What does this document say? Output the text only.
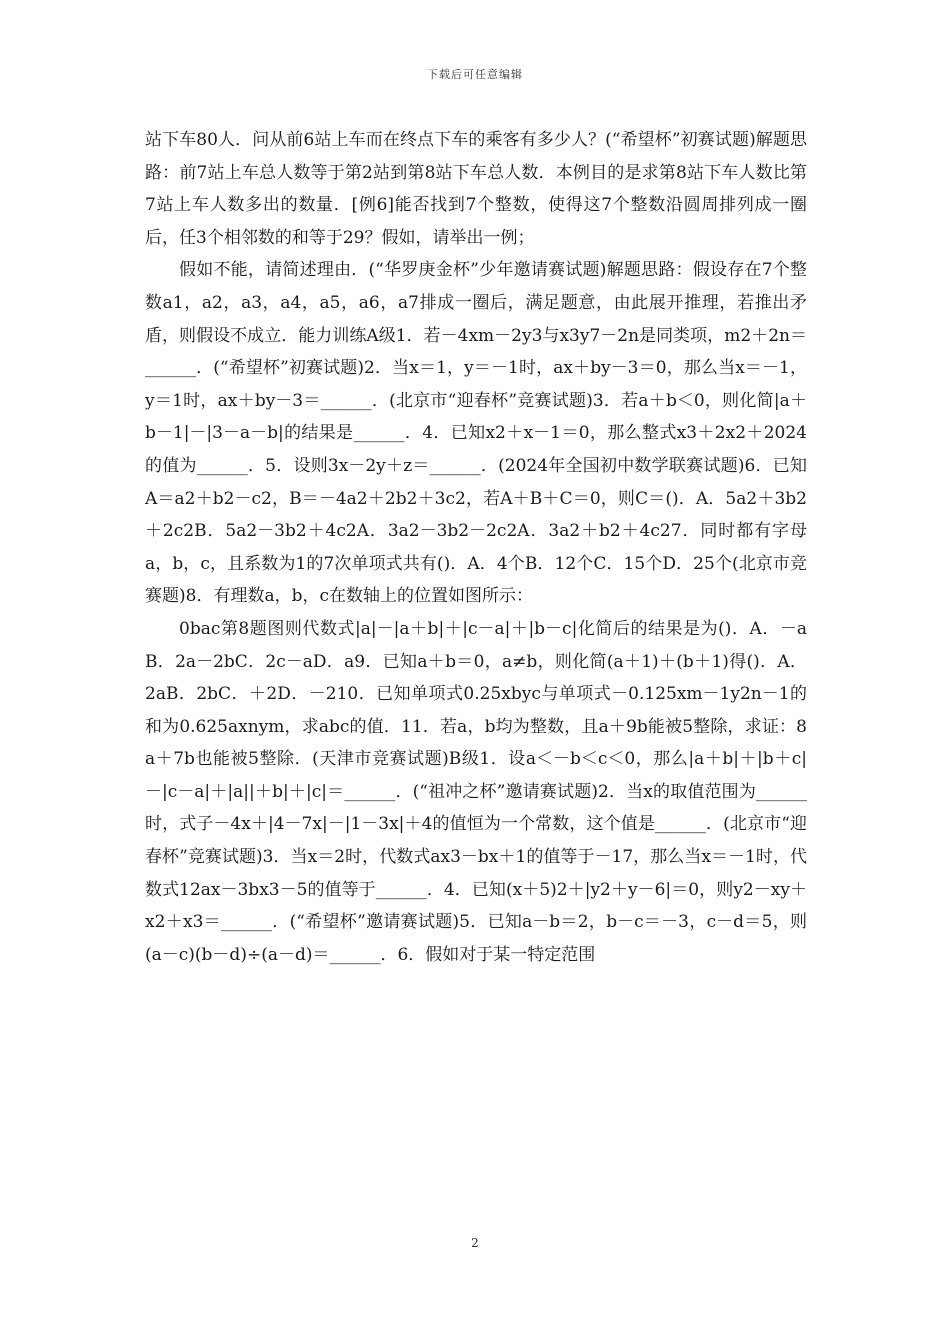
下载后可任意编辑

站下车80人．问从前6站上车而在终点下车的乘客有多少人？(“希望杯”初赛试题)解题思路：前7站上车总人数等于第2站到第8站下车总人数．本例目的是求第8站下车人数比第7站上车人数多出的数量．[例6]能否找到7个整数，使得这7个整数沿圆周排列成一圈后，任3个相邻数的和等于29？假如，请举出一例；

假如不能，请简述理由．(“华罗庚金杯”少年邀请赛试题)解题思路：假设存在7个整数a1，a2，a3，a4，a5，a6，a7排成一圈后，满足题意，由此展开推理，若推出矛盾，则假设不成立．能力训练A级1．若－4xm－2y3与x3y7－2n是同类项，m2＋2n＝______．(“希望杯”初赛试题)2．当x＝1，y＝－1时，ax＋by－3＝0，那么当x＝－1，y＝1时，ax＋by－3＝______．(北京市“迎春杯”竞赛试题)3．若a＋b＜0，则化简|a＋b－1|－|3－a－b|的结果是______．4．已知x2＋x－1＝0，那么整式x3＋2x2＋2024的值为______．5．设则3x－2y＋z＝______．(2024年全国初中数学联赛试题)6．已知A＝a2＋b2－c2，B＝－4a2＋2b2＋3c2，若A＋B＋C＝0，则C＝()．A．5a2＋3b2＋2c2B．5a2－3b2＋4c2A．3a2－3b2－2c2A．3a2＋b2＋4c27．同时都有字母a，b，c，且系数为1的7次单项式共有()．A．4个B．12个C．15个D．25个(北京市竞赛题)8．有理数a，b，c在数轴上的位置如图所示：

0bac第8题图则代数式|a|－|a＋b|＋|c－a|＋|b－c|化简后的结果是为()．A．－aB．2a－2bC．2c－aD．a9．已知a＋b＝0，a≠b，则化简(a＋1)＋(b＋1)得()．A．2aB．2bC．＋2D．－210．已知单项式0.25xbyc与单项式－0.125xm－1y2n－1的和为0.625axnym，求abc的值．11．若a，b均为整数，且a＋9b能被5整除，求证：8a＋7b也能被5整除．(天津市竞赛试题)B级1．设a＜－b＜c＜0，那么|a＋b|＋|b＋c|－|c－a|＋|a||＋b|＋|c|＝______．(“祖冲之杯”邀请赛试题)2．当x的取值范围为______时，式子－4x＋|4－7x|－|1－3x|＋4的值恒为一个常数，这个值是______．(北京市“迎春杯”竞赛试题)3．当x＝2时，代数式ax3－bx＋1的值等于－17，那么当x＝－1时，代数式12ax－3bx3－5的值等于______．4．已知(x＋5)2＋|y2＋y－6|＝0，则y2－xy＋x2＋x3＝______．(“希望杯”邀请赛试题)5．已知a－b＝2，b－c＝－3，c－d＝5，则(a－c)(b－d)÷(a－d)＝______．6．假如对于某一特定范围

2
